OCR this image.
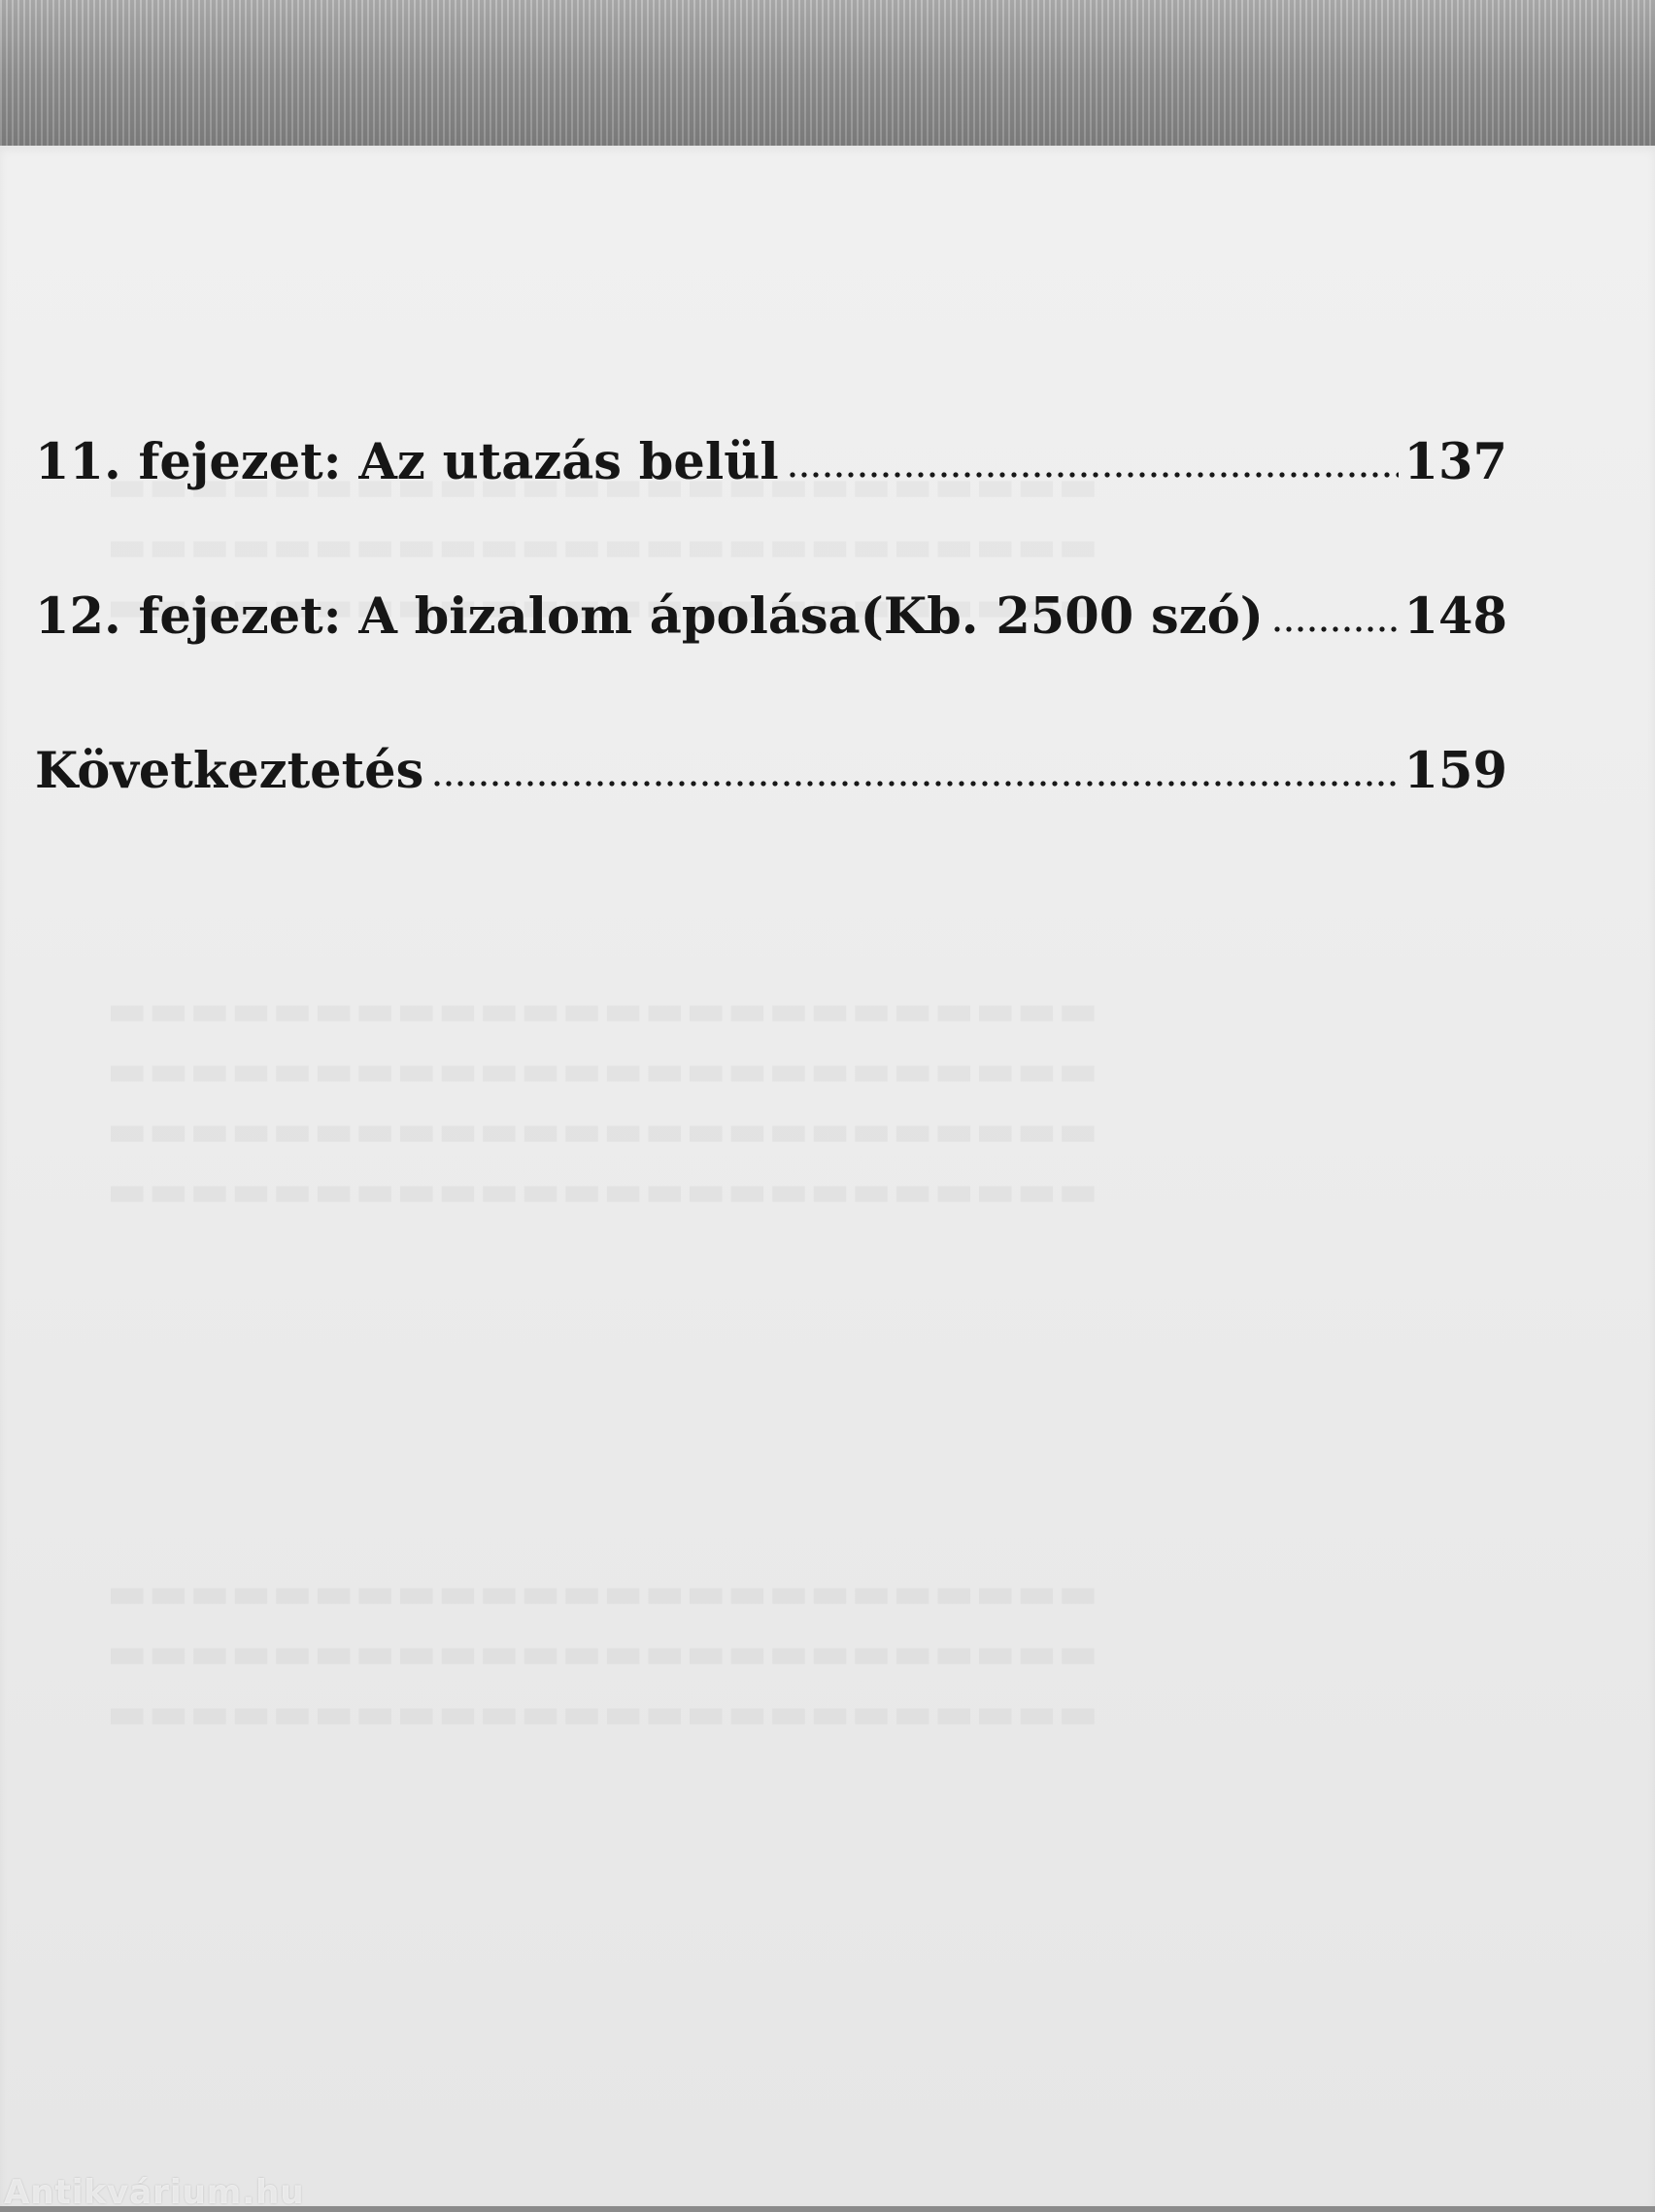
11. fejezet: Az utazás belül	137
12. fejezet: A bizalom ápolása(Kb. 2500 szó)	148
Következtetés	159
Antikvárium.hu
